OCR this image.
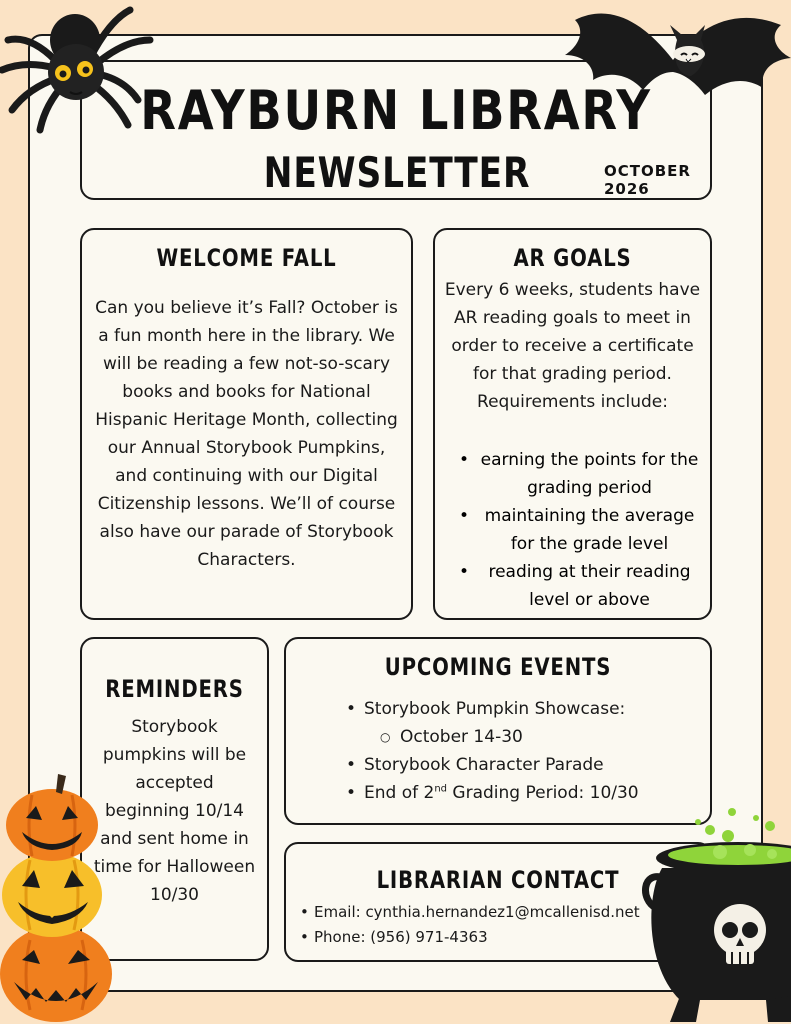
RAYBURN LIBRARY
NEWSLETTER	OCTOBER
2026
WELCOME FALL

Can you believe it’s Fall? October is a fun month here in the library. We will be reading a few not-so-scary books and books for National Hispanic Heritage Month, collecting our Annual Storybook Pumpkins, and continuing with our Digital Citizenship lessons. We’ll of course also have our parade of Storybook Characters.

AR GOALS

Every 6 weeks, students have AR reading goals to meet in order to receive a certificate for that grading period. Requirements include:

• earning the points for the grading period
• maintaining the average for the grade level
• reading at their reading level or above
REMINDERS

Storybook pumpkins will be accepted beginning 10/14 and sent home in time for Halloween 10/30

UPCOMING EVENTS
• Storybook Pumpkin Showcase:
○ October 14-30
• Storybook Character Parade
• End of 2nd Grading Period: 10/30
LIBRARIAN CONTACT
• Email: cynthia.hernandez1@mcallenisd.net
• Phone: (956) 971-4363
